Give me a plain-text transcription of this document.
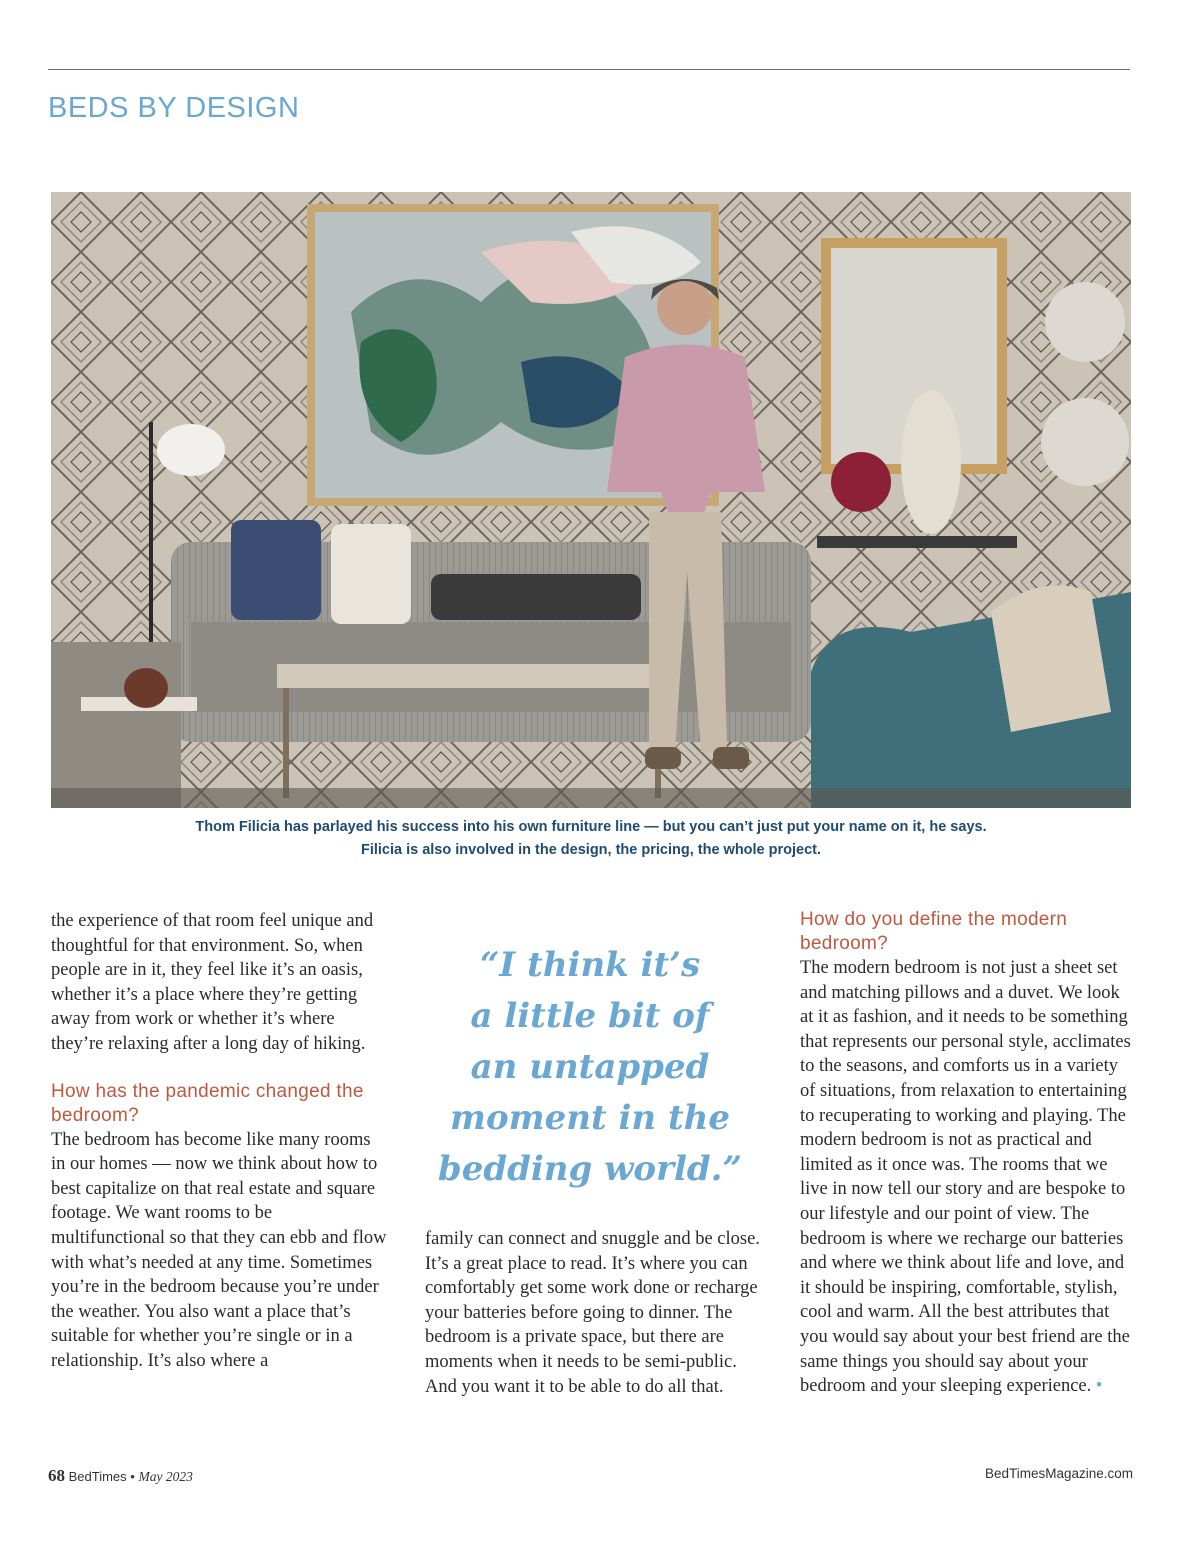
BEDS BY DESIGN
Thom Filicia has parlayed his success into his own furniture line — but you can’t just put your name on it, he says.
Filicia is also involved in the design, the pricing, the whole project.

the experience of that room feel unique and thoughtful for that environment. So, when people are in it, they feel like it’s an oasis, whether it’s a place where they’re getting away from work or whether it’s where they’re relaxing after a long day of hiking.

How has the pandemic changed the bedroom?

The bedroom has become like many rooms in our homes — now we think about how to best capitalize on that real estate and square footage. We want rooms to be multifunctional so that they can ebb and flow with what’s needed at any time. Sometimes you’re in the bedroom because you’re under the weather. You also want a place that’s suitable for whether you’re single or in a relationship. It’s also where a

“I think it’s
a little bit of
an untapped
moment in the
bedding world.”

family can connect and snuggle and be close. It’s a great place to read. It’s where you can comfortably get some work done or recharge your batteries before going to dinner. The bedroom is a private space, but there are moments when it needs to be semi-public. And you want it to be able to do all that.

How do you define the modern bedroom?

The modern bedroom is not just a sheet set and matching pillows and a duvet. We look at it as fashion, and it needs to be something that represents our personal style, acclimates to the seasons, and comforts us in a variety of situations, from relaxation to entertaining to recuperating to working and playing. The modern bedroom is not as practical and limited as it once was. The rooms that we live in now tell our story and are bespoke to our lifestyle and our point of view. The bedroom is where we recharge our batteries and where we think about life and love, and it should be inspiring, comfortable, stylish, cool and warm. All the best attributes that you would say about your best friend are the same things you should say about your bedroom and your sleeping experience. •

68 BedTimes • May 2023	BedTimesMagazine.com
